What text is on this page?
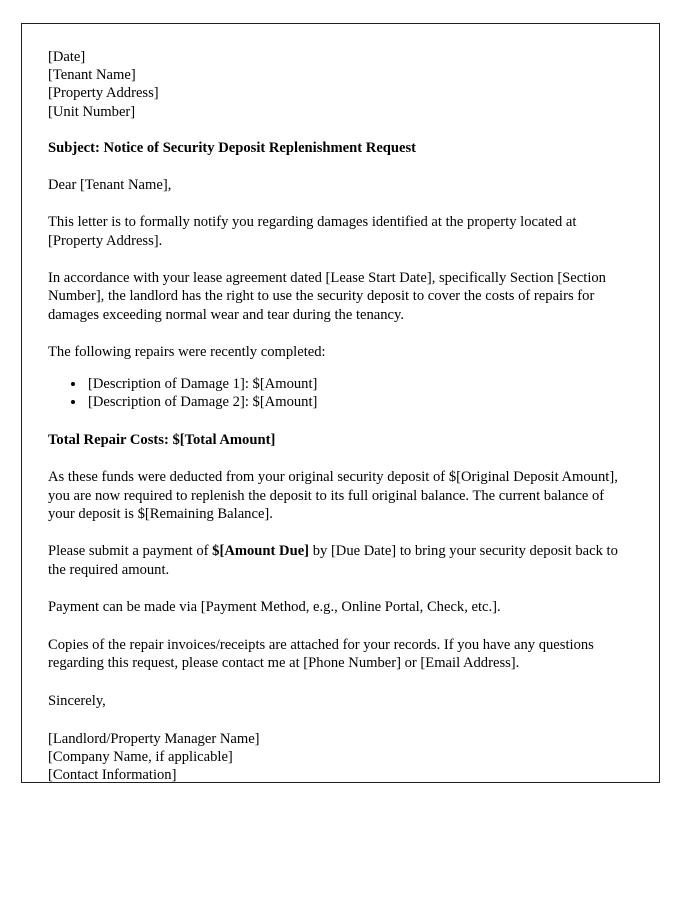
[Date]
[Tenant Name]
[Property Address]
[Unit Number]
Subject: Notice of Security Deposit Replenishment Request
Dear [Tenant Name],

This letter is to formally notify you regarding damages identified at the property located at [Property Address].

In accordance with your lease agreement dated [Lease Start Date], specifically Section [Section Number], the landlord has the right to use the security deposit to cover the costs of repairs for damages exceeding normal wear and tear during the tenancy.

The following repairs were recently completed:

• [Description of Damage 1]: $[Amount]
• [Description of Damage 2]: $[Amount]
Total Repair Costs: $[Total Amount]

As these funds were deducted from your original security deposit of $[Original Deposit Amount], you are now required to replenish the deposit to its full original balance. The current balance of your deposit is $[Remaining Balance].

Please submit a payment of $[Amount Due] by [Due Date] to bring your security deposit back to the required amount.

Payment can be made via [Payment Method, e.g., Online Portal, Check, etc.].

Copies of the repair invoices/receipts are attached for your records. If you have any questions regarding this request, please contact me at [Phone Number] or [Email Address].

Sincerely,
[Landlord/Property Manager Name]
[Company Name, if applicable]
[Contact Information]
